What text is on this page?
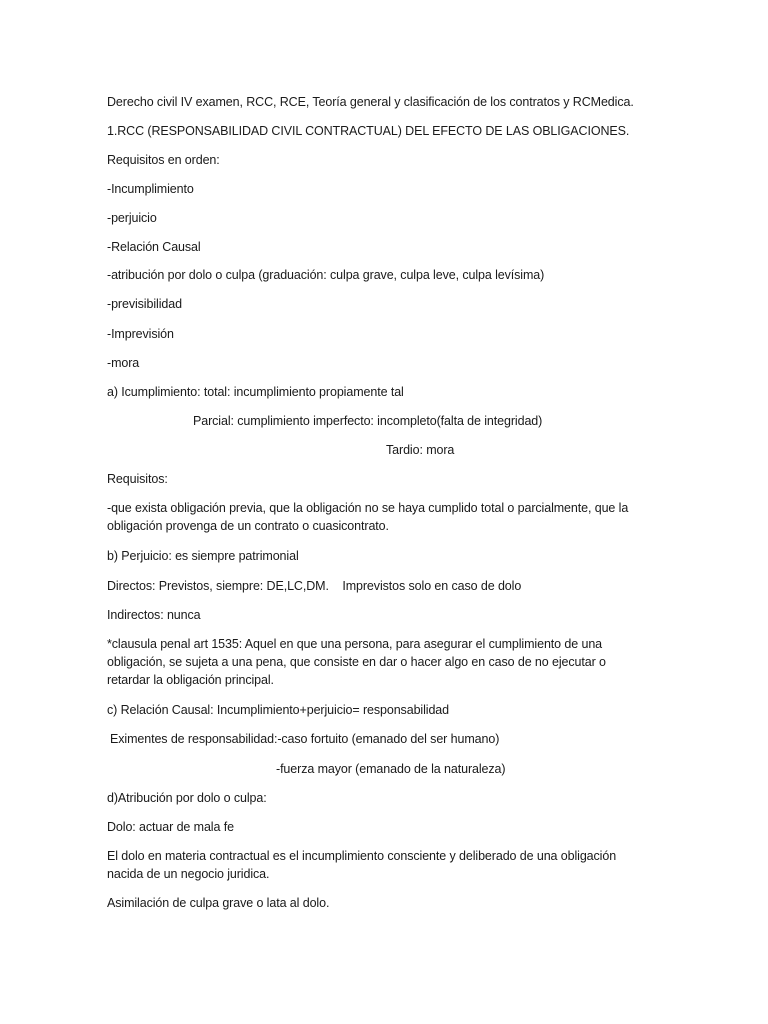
Derecho civil IV examen, RCC, RCE, Teoría general y clasificación de los contratos y RCMedica.

1.RCC (RESPONSABILIDAD CIVIL CONTRACTUAL) DEL EFECTO DE LAS OBLIGACIONES.

Requisitos en orden:

-Incumplimiento

-perjuicio

-Relación Causal

-atribución por dolo o culpa (graduación: culpa grave, culpa leve, culpa levísima)

-previsibilidad

-Imprevisión

-mora

a) Icumplimiento: total: incumplimiento propiamente tal

Parcial: cumplimiento imperfecto: incompleto(falta de integridad)

Tardio: mora

Requisitos:

-que exista obligación previa, que la obligación no se haya cumplido total o parcialmente, que la
obligación provenga de un contrato o cuasicontrato.

b) Perjuicio: es siempre patrimonial

Directos: Previstos, siempre: DE,LC,DM.    Imprevistos solo en caso de dolo

Indirectos: nunca

*clausula penal art 1535: Aquel en que una persona, para asegurar el cumplimiento de una
obligación, se sujeta a una pena, que consiste en dar o hacer algo en caso de no ejecutar o
retardar la obligación principal.

c) Relación Causal: Incumplimiento+perjuicio= responsabilidad

Eximentes de responsabilidad:-caso fortuito (emanado del ser humano)

-fuerza mayor (emanado de la naturaleza)

d)Atribución por dolo o culpa:

Dolo: actuar de mala fe

El dolo en materia contractual es el incumplimiento consciente y deliberado de una obligación
nacida de un negocio juridica.

Asimilación de culpa grave o lata al dolo.
